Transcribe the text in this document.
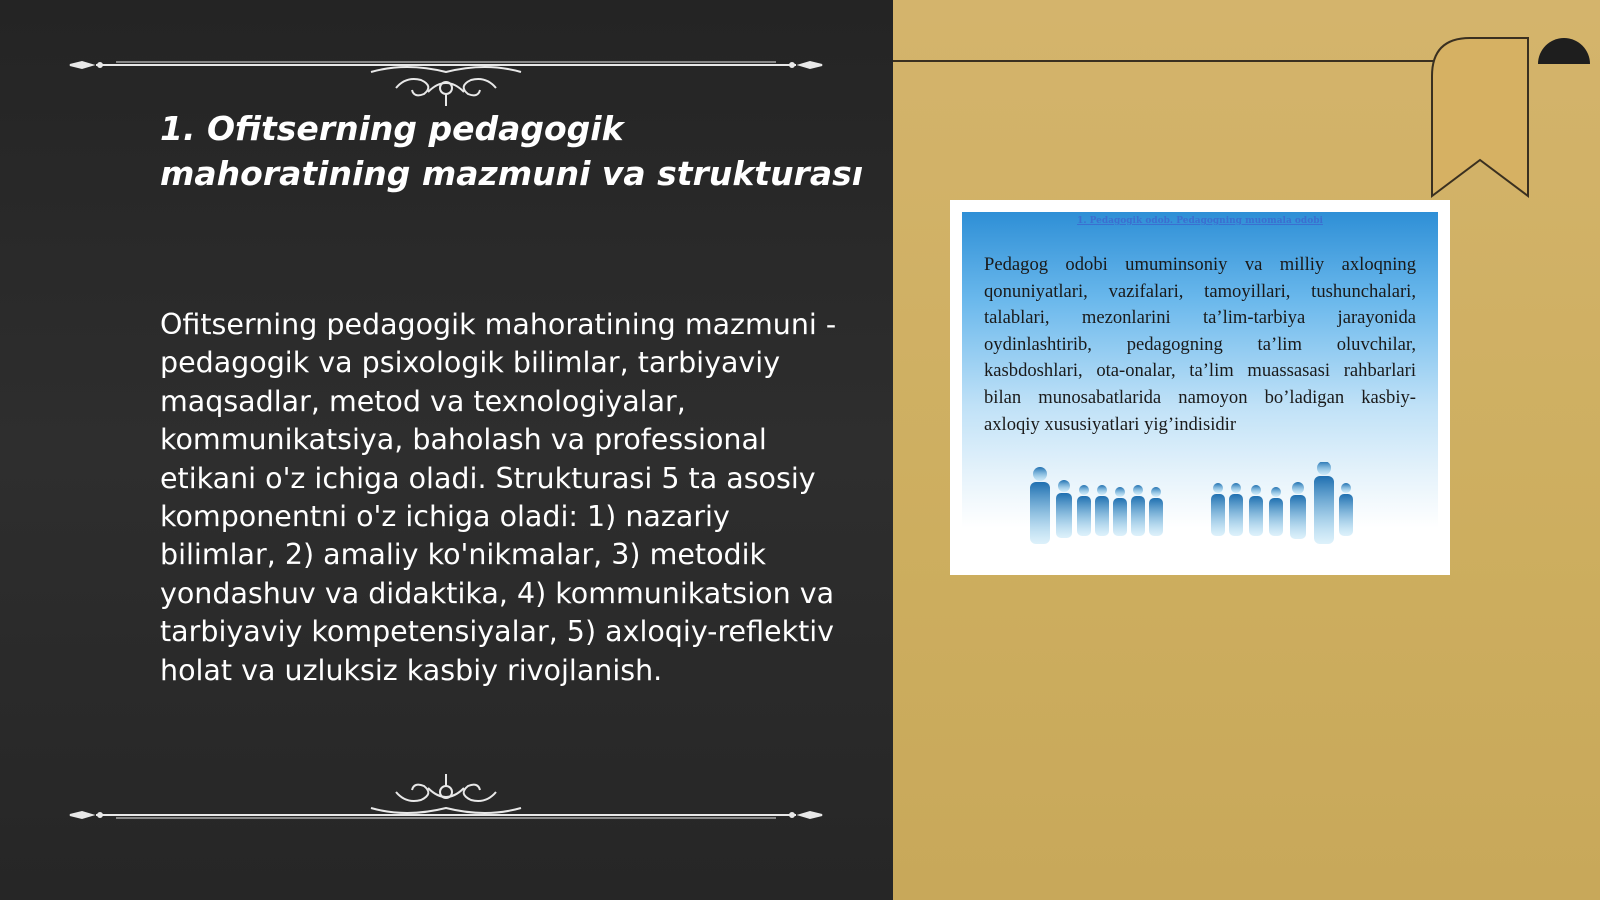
1. Ofitserning pedagogik
mahoratining mazmuni va strukturası

Ofitserning pedagogik mahoratining mazmuni - pedagogik va psixologik bilimlar, tarbiyaviy maqsadlar, metod va texnologiyalar, kommunikatsiya, baholash va professional etikani o'z ichiga oladi. Strukturasi 5 ta asosiy komponentni o'z ichiga oladi: 1) nazariy bilimlar, 2) amaliy ko'nikmalar, 3) metodik yondashuv va didaktika, 4) kommunikatsion va tarbiyaviy kompetensiyalar, 5) axloqiy-reflektiv holat va uzluksiz kasbiy rivojlanish.

1. Pedagogik odob. Pedagogning muomala odobi
Pedagog odobi umuminsoniy va milliy axloqning qonuniyatlari, vazifalari, tamoyillari, tushunchalari, talablari, mezonlarini taʼlim-tarbiya jarayonida oydinlashtirib, pedagogning taʼlim oluvchilar, kasbdoshlari, ota-onalar, taʼlim muassasasi rahbarlari bilan munosabatlarida namoyon boʼladigan kasbiy-axloqiy xususiyatlari yigʼindisidir
